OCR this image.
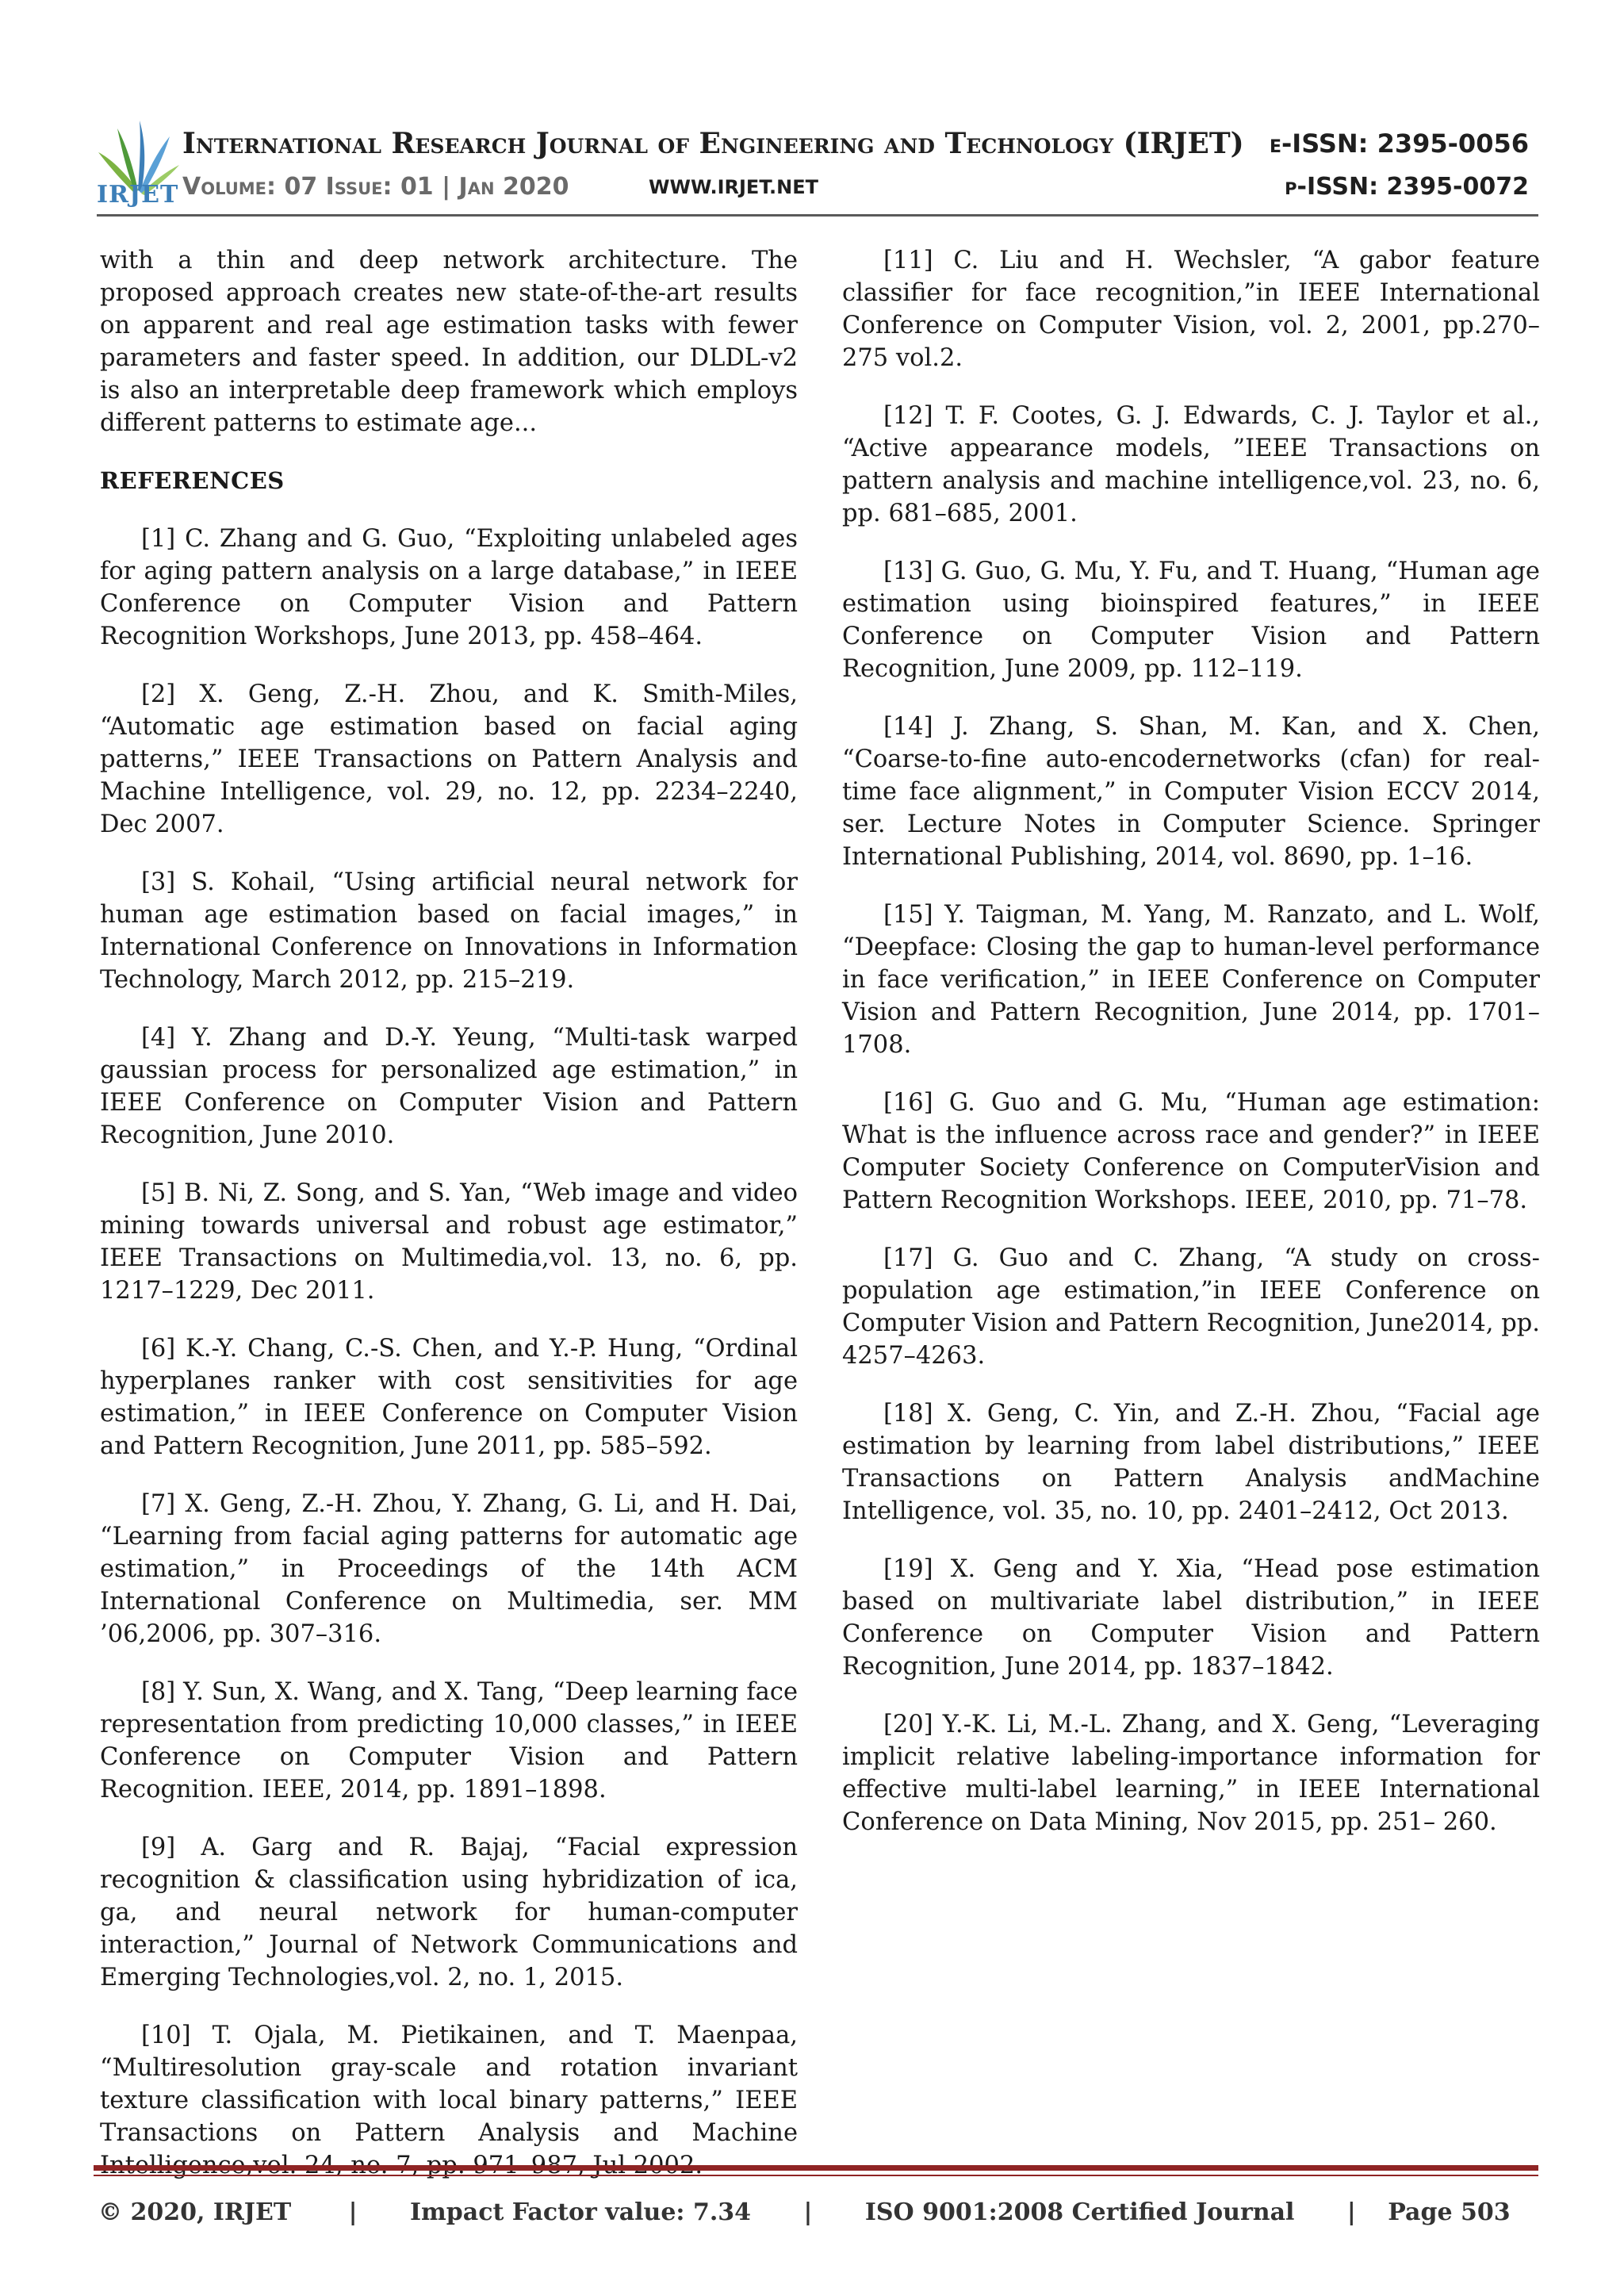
IRJET
International Research Journal of Engineering and Technology (IRJET) e-ISSN: 2395-0056
Volume: 07 Issue: 01 | Jan 2020	WWW.IRJET.NET	p-ISSN: 2395-0072

with a thin and deep network architecture. The proposed approach creates new state-of-the-art results on apparent and real age estimation tasks with fewer parameters and faster speed. In addition, our DLDL-v2 is also an interpretable deep framework which employs different patterns to estimate age...

REFERENCES

[1] C. Zhang and G. Guo, “Exploiting unlabeled ages for aging pattern analysis on a large database,” in IEEE Conference on Computer Vision and Pattern Recognition Workshops, June 2013, pp. 458–464.

[2] X. Geng, Z.-H. Zhou, and K. Smith-Miles, “Automatic age estimation based on facial aging patterns,” IEEE Transactions on Pattern Analysis and Machine Intelligence, vol. 29, no. 12, pp. 2234–2240, Dec 2007.

[3] S. Kohail, “Using artificial neural network for human age estimation based on facial images,” in International Conference on Innovations in Information Technology, March 2012, pp. 215–219.

[4] Y. Zhang and D.-Y. Yeung, “Multi-task warped gaussian process for personalized age estimation,” in IEEE Conference on Computer Vision and Pattern Recognition, June 2010.

[5] B. Ni, Z. Song, and S. Yan, “Web image and video mining towards universal and robust age estimator,” IEEE Transactions on Multimedia,vol. 13, no. 6, pp. 1217–1229, Dec 2011.

[6] K.-Y. Chang, C.-S. Chen, and Y.-P. Hung, “Ordinal hyperplanes ranker with cost sensitivities for age estimation,” in IEEE Conference on Computer Vision and Pattern Recognition, June 2011, pp. 585–592.

[7] X. Geng, Z.-H. Zhou, Y. Zhang, G. Li, and H. Dai, “Learning from facial aging patterns for automatic age estimation,” in Proceedings of the 14th ACM International Conference on Multimedia, ser. MM ’06,2006, pp. 307–316.

[8] Y. Sun, X. Wang, and X. Tang, “Deep learning face representation from predicting 10,000 classes,” in IEEE Conference on Computer Vision and Pattern Recognition. IEEE, 2014, pp. 1891–1898.

[9] A. Garg and R. Bajaj, “Facial expression recognition & classification using hybridization of ica, ga, and neural network for human-computer interaction,” Journal of Network Communications and Emerging Technologies,vol. 2, no. 1, 2015.

[10] T. Ojala, M. Pietikainen, and T. Maenpaa, “Multiresolution gray-scale and rotation invariant texture classification with local binary patterns,” IEEE Transactions on Pattern Analysis and Machine

[11] C. Liu and H. Wechsler, “A gabor feature classifier for face recognition,”in IEEE International Conference on Computer Vision, vol. 2, 2001, pp.270–275 vol.2.

[12] T. F. Cootes, G. J. Edwards, C. J. Taylor et al., “Active appearance models, ”IEEE Transactions on pattern analysis and machine intelligence,vol. 23, no. 6, pp. 681–685, 2001.

[13] G. Guo, G. Mu, Y. Fu, and T. Huang, “Human age estimation using bioinspired features,” in IEEE Conference on Computer Vision and Pattern Recognition, June 2009, pp. 112–119.

[14] J. Zhang, S. Shan, M. Kan, and X. Chen, “Coarse-to-fine auto-encodernetworks (cfan) for real-time face alignment,” in Computer Vision ECCV 2014, ser. Lecture Notes in Computer Science. Springer International Publishing, 2014, vol. 8690, pp. 1–16.

[15] Y. Taigman, M. Yang, M. Ranzato, and L. Wolf, “Deepface: Closing the gap to human-level performance in face verification,” in IEEE Conference on Computer Vision and Pattern Recognition, June 2014, pp. 1701–1708.

[16] G. Guo and G. Mu, “Human age estimation: What is the influence across race and gender?” in IEEE Computer Society Conference on ComputerVision and Pattern Recognition Workshops. IEEE, 2010, pp. 71–78.

[17] G. Guo and C. Zhang, “A study on cross-population age estimation,”in IEEE Conference on Computer Vision and Pattern Recognition, June2014, pp. 4257–4263.

[18] X. Geng, C. Yin, and Z.-H. Zhou, “Facial age estimation by learning from label distributions,” IEEE Transactions on Pattern Analysis andMachine Intelligence, vol. 35, no. 10, pp. 2401–2412, Oct 2013.

[19] X. Geng and Y. Xia, “Head pose estimation based on multivariate label distribution,” in IEEE Conference on Computer Vision and Pattern Recognition, June 2014, pp. 1837–1842.

[20] Y.-K. Li, M.-L. Zhang, and X. Geng, “Leveraging implicit relative labeling-importance information for effective multi-label learning,” in IEEE International Conference on Data Mining, Nov 2015, pp. 251– 260.

© 2020, IRJET | Impact Factor value: 7.34 | ISO 9001:2008 Certified Journal | Page 503
